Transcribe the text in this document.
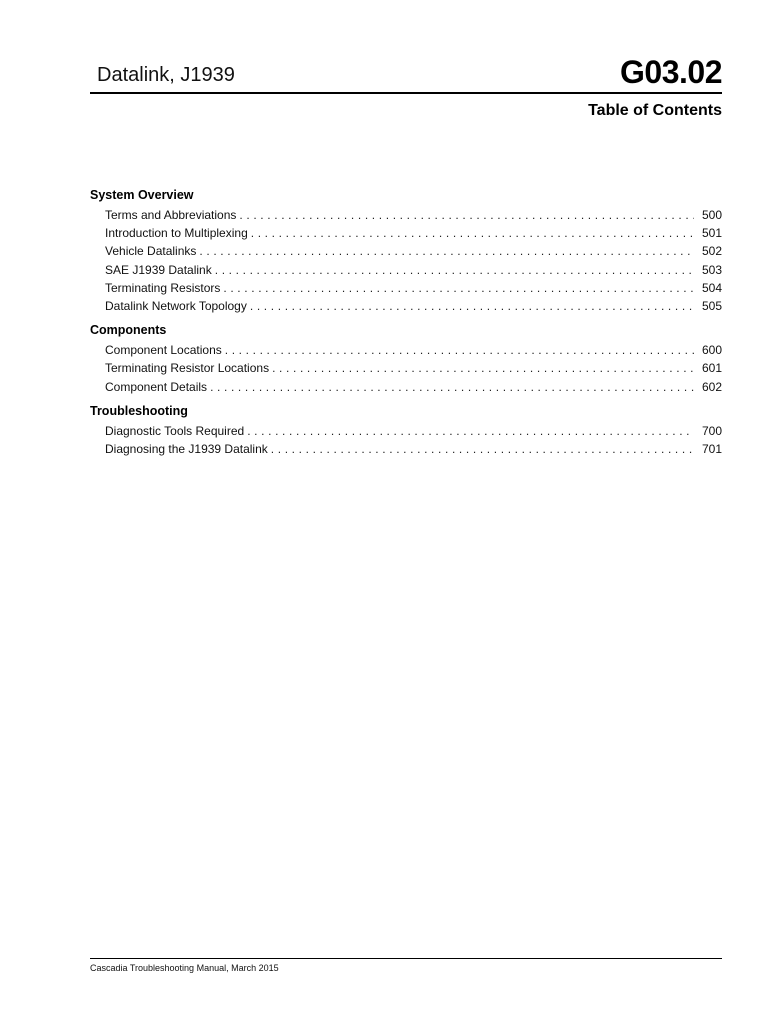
Datalink, J1939	G03.02
Table of Contents
System Overview
Terms and Abbreviations . . .	500
Introduction to Multiplexing . . .	501
Vehicle Datalinks . . .	502
SAE J1939 Datalink . . .	503
Terminating Resistors . . .	504
Datalink Network Topology . . .	505
Components
Component Locations . . .	600
Terminating Resistor Locations . . .	601
Component Details . . .	602
Troubleshooting
Diagnostic Tools Required . . .	700
Diagnosing the J1939 Datalink . . .	701
Cascadia Troubleshooting Manual, March 2015
